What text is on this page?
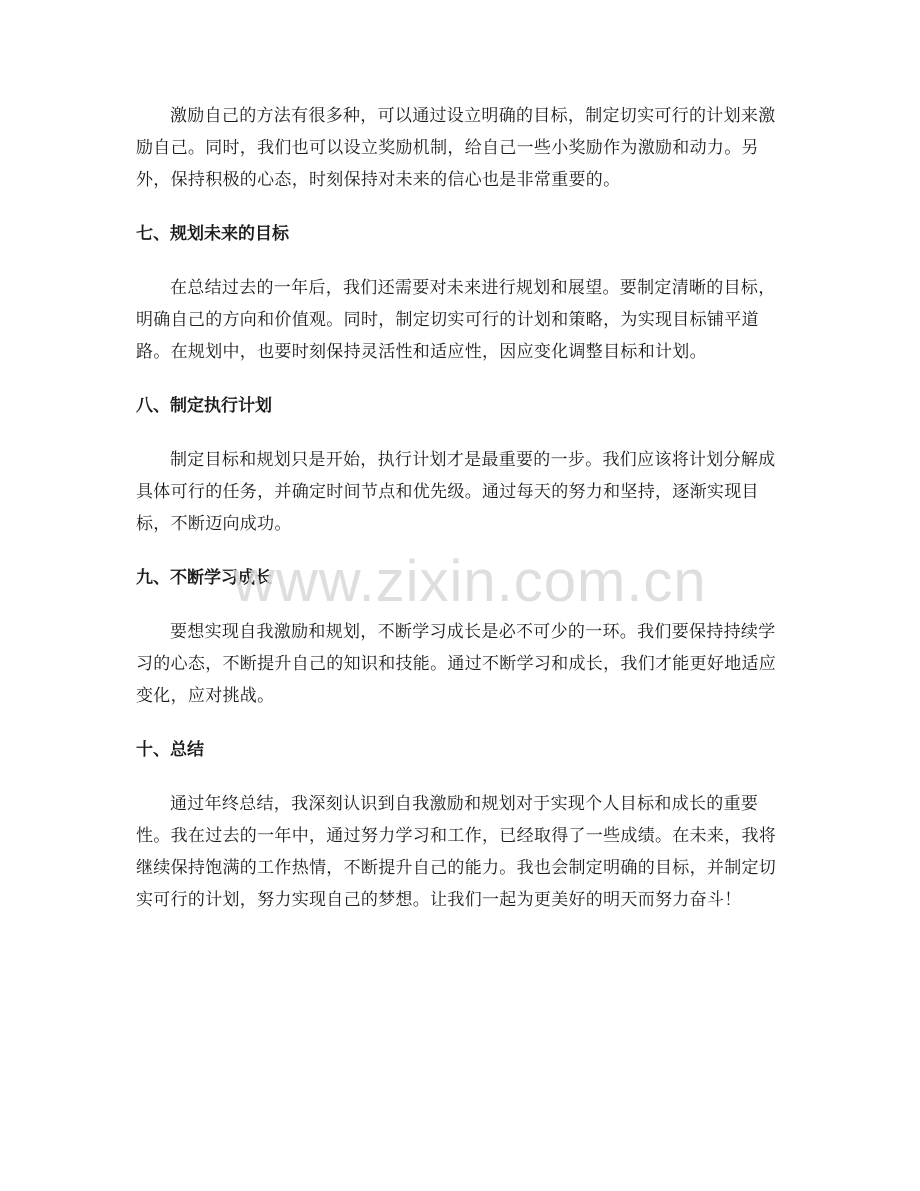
激励自己的方法有很多种，可以通过设立明确的目标，制定切实可行的计划来激励自己。同时，我们也可以设立奖励机制，给自己一些小奖励作为激励和动力。另外，保持积极的心态，时刻保持对未来的信心也是非常重要的。

七、规划未来的目标

在总结过去的一年后，我们还需要对未来进行规划和展望。要制定清晰的目标，明确自己的方向和价值观。同时，制定切实可行的计划和策略，为实现目标铺平道路。在规划中，也要时刻保持灵活性和适应性，因应变化调整目标和计划。

八、制定执行计划

制定目标和规划只是开始，执行计划才是最重要的一步。我们应该将计划分解成具体可行的任务，并确定时间节点和优先级。通过每天的努力和坚持，逐渐实现目标，不断迈向成功。

九、不断学习成长

要想实现自我激励和规划，不断学习成长是必不可少的一环。我们要保持持续学习的心态，不断提升自己的知识和技能。通过不断学习和成长，我们才能更好地适应变化，应对挑战。

十、总结

通过年终总结，我深刻认识到自我激励和规划对于实现个人目标和成长的重要性。我在过去的一年中，通过努力学习和工作，已经取得了一些成绩。在未来，我将继续保持饱满的工作热情，不断提升自己的能力。我也会制定明确的目标，并制定切实可行的计划，努力实现自己的梦想。让我们一起为更美好的明天而努力奋斗！

www.zixin.com.cn
